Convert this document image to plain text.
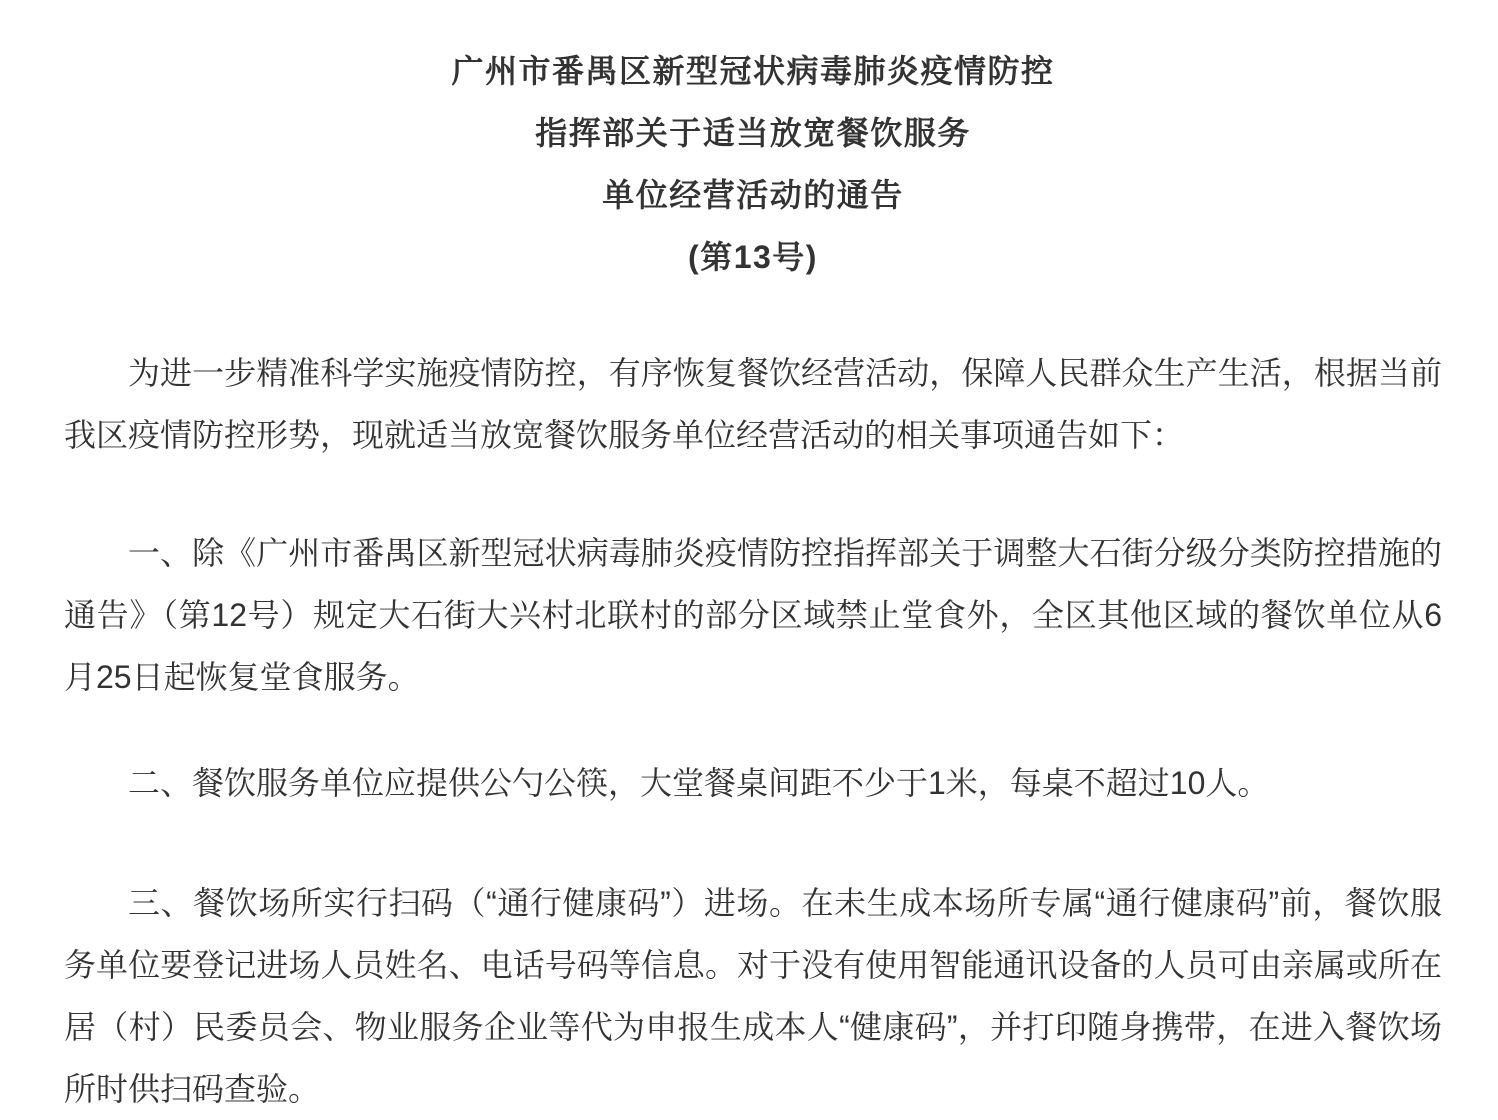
广州市番禺区新型冠状病毒肺炎疫情防控
指挥部关于适当放宽餐饮服务
单位经营活动的通告
(第13号)

为进一步精准科学实施疫情防控，有序恢复餐饮经营活动，保障人民群众生产生活，根据当前我区疫情防控形势，现就适当放宽餐饮服务单位经营活动的相关事项通告如下：

一、除《广州市番禺区新型冠状病毒肺炎疫情防控指挥部关于调整大石街分级分类防控措施的通告》（第12号）规定大石街大兴村北联村的部分区域禁止堂食外，全区其他区域的餐饮单位从6月25日起恢复堂食服务。

二、餐饮服务单位应提供公勺公筷，大堂餐桌间距不少于1米，每桌不超过10人。

三、餐饮场所实行扫码（“通行健康码”）进场。在未生成本场所专属“通行健康码”前，餐饮服务单位要登记进场人员姓名、电话号码等信息。对于没有使用智能通讯设备的人员可由亲属或所在居（村）民委员会、物业服务企业等代为申报生成本人“健康码”，并打印随身携带，在进入餐饮场所时供扫码查验。
